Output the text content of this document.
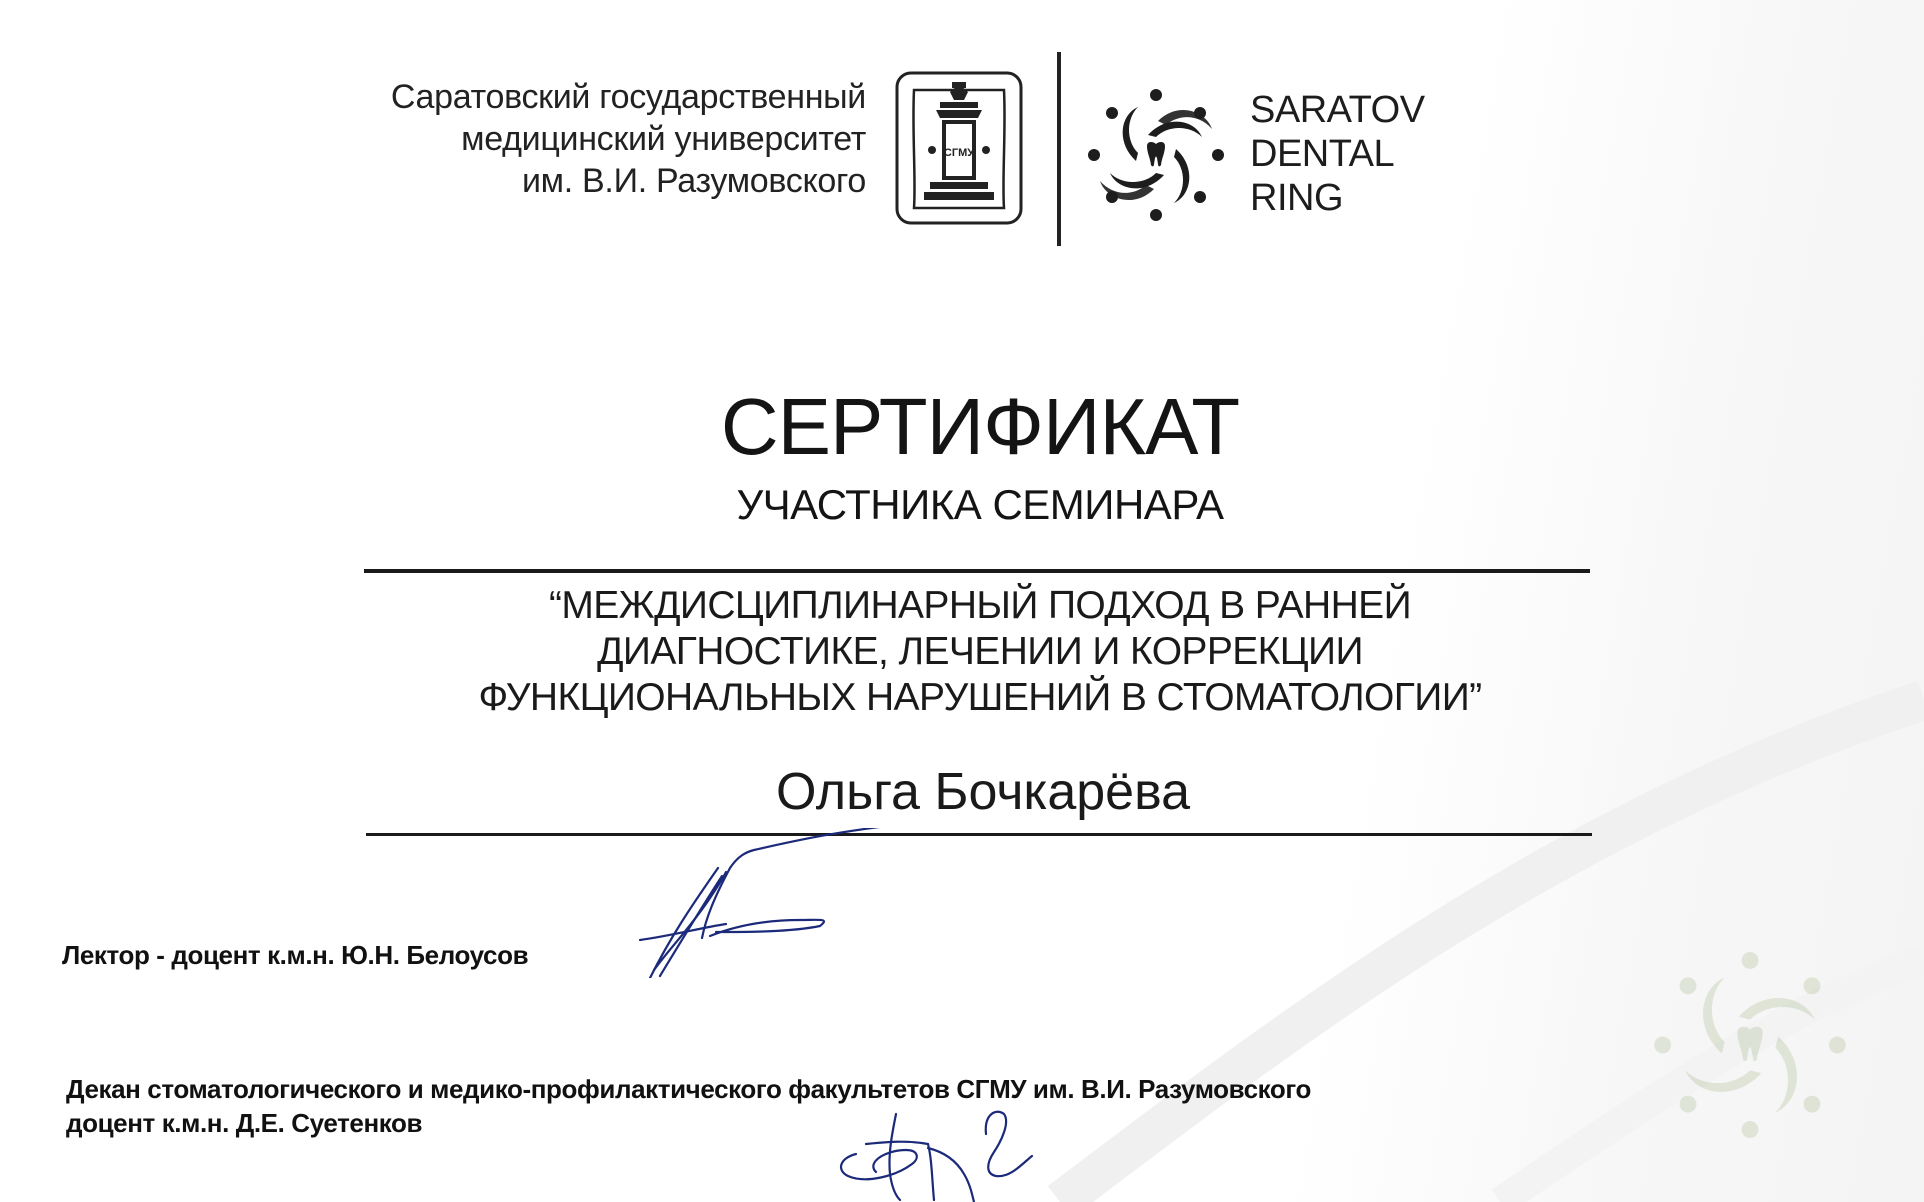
Саратовский государственный
медицинский университет
им. В.И. Разумовского
СГМУ
SARATOV
DENTAL
RING
СЕРТИФИКАТ
УЧАСТНИКА СЕМИНАРА
“МЕЖДИСЦИПЛИНАРНЫЙ ПОДХОД В РАННЕЙ
ДИАГНОСТИКЕ, ЛЕЧЕНИИ И КОРРЕКЦИИ
ФУНКЦИОНАЛЬНЫХ НАРУШЕНИЙ В СТОМАТОЛОГИИ”
Ольга Бочкарёва
Лектор - доцент к.м.н. Ю.Н. Белоусов
Декан стоматологического и медико-профилактического факультетов СГМУ им. В.И. Разумовского
доцент к.м.н. Д.Е. Суетенков
